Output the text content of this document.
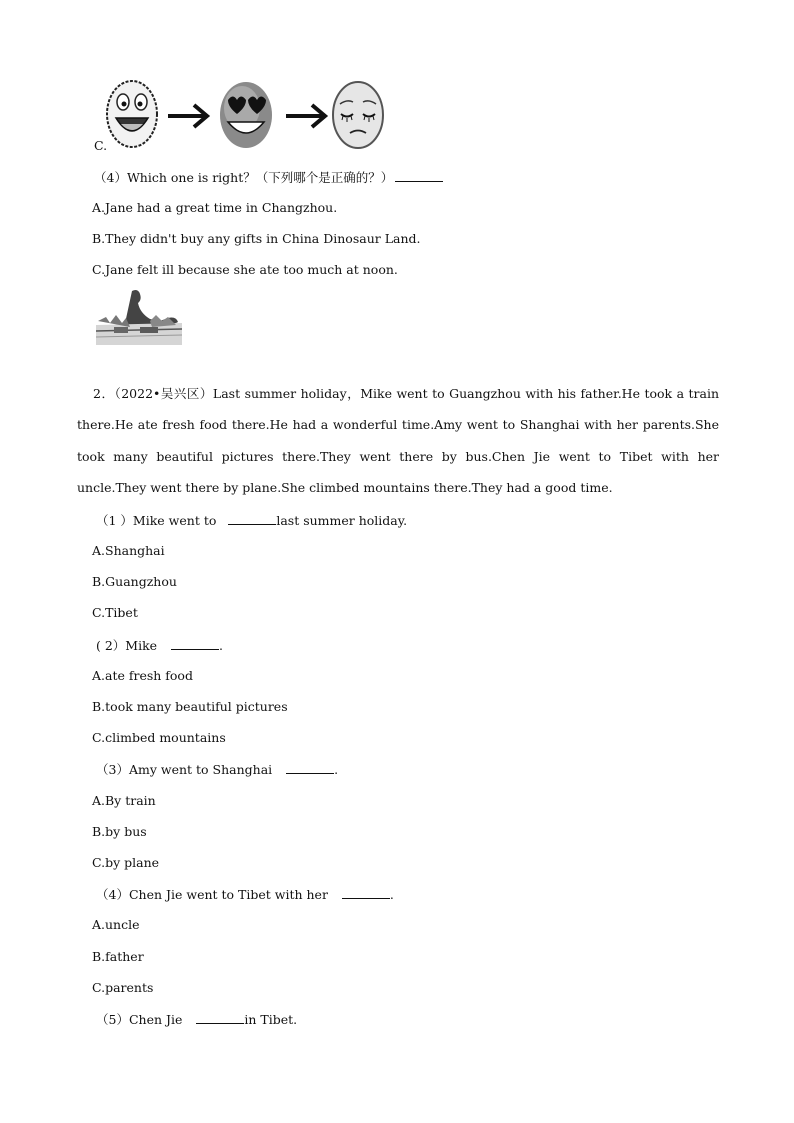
C.
（4）Which one is right？（下列哪个是正确的？）
A.Jane had a great time in Changzhou.
B.They didn't buy any gifts in China Dinosaur Land.
C.Jane felt ill because she ate too much at noon.
2．（2022•吴兴区）Last summer holiday，Mike went to Guangzhou with his father.He took a train there.He ate fresh food there.He had a wonderful time.Amy went to Shanghai with her parents.She took many beautiful pictures there.They went there by bus.Chen Jie went to Tibet with her uncle.They went there by plane.She climbed mountains there.They had a good time.
（1 ）Mike went to	last summer holiday.
A.Shanghai
B.Guangzhou
C.Tibet
( 2）Mike	.
A.ate fresh food
B.took many beautiful pictures
C.climbed mountains
（3）Amy went to Shanghai	.
A.By train
B.by bus
C.by plane
（4）Chen Jie went to Tibet with her	.
A.uncle
B.father
C.parents
（5）Chen Jie	in Tibet.
